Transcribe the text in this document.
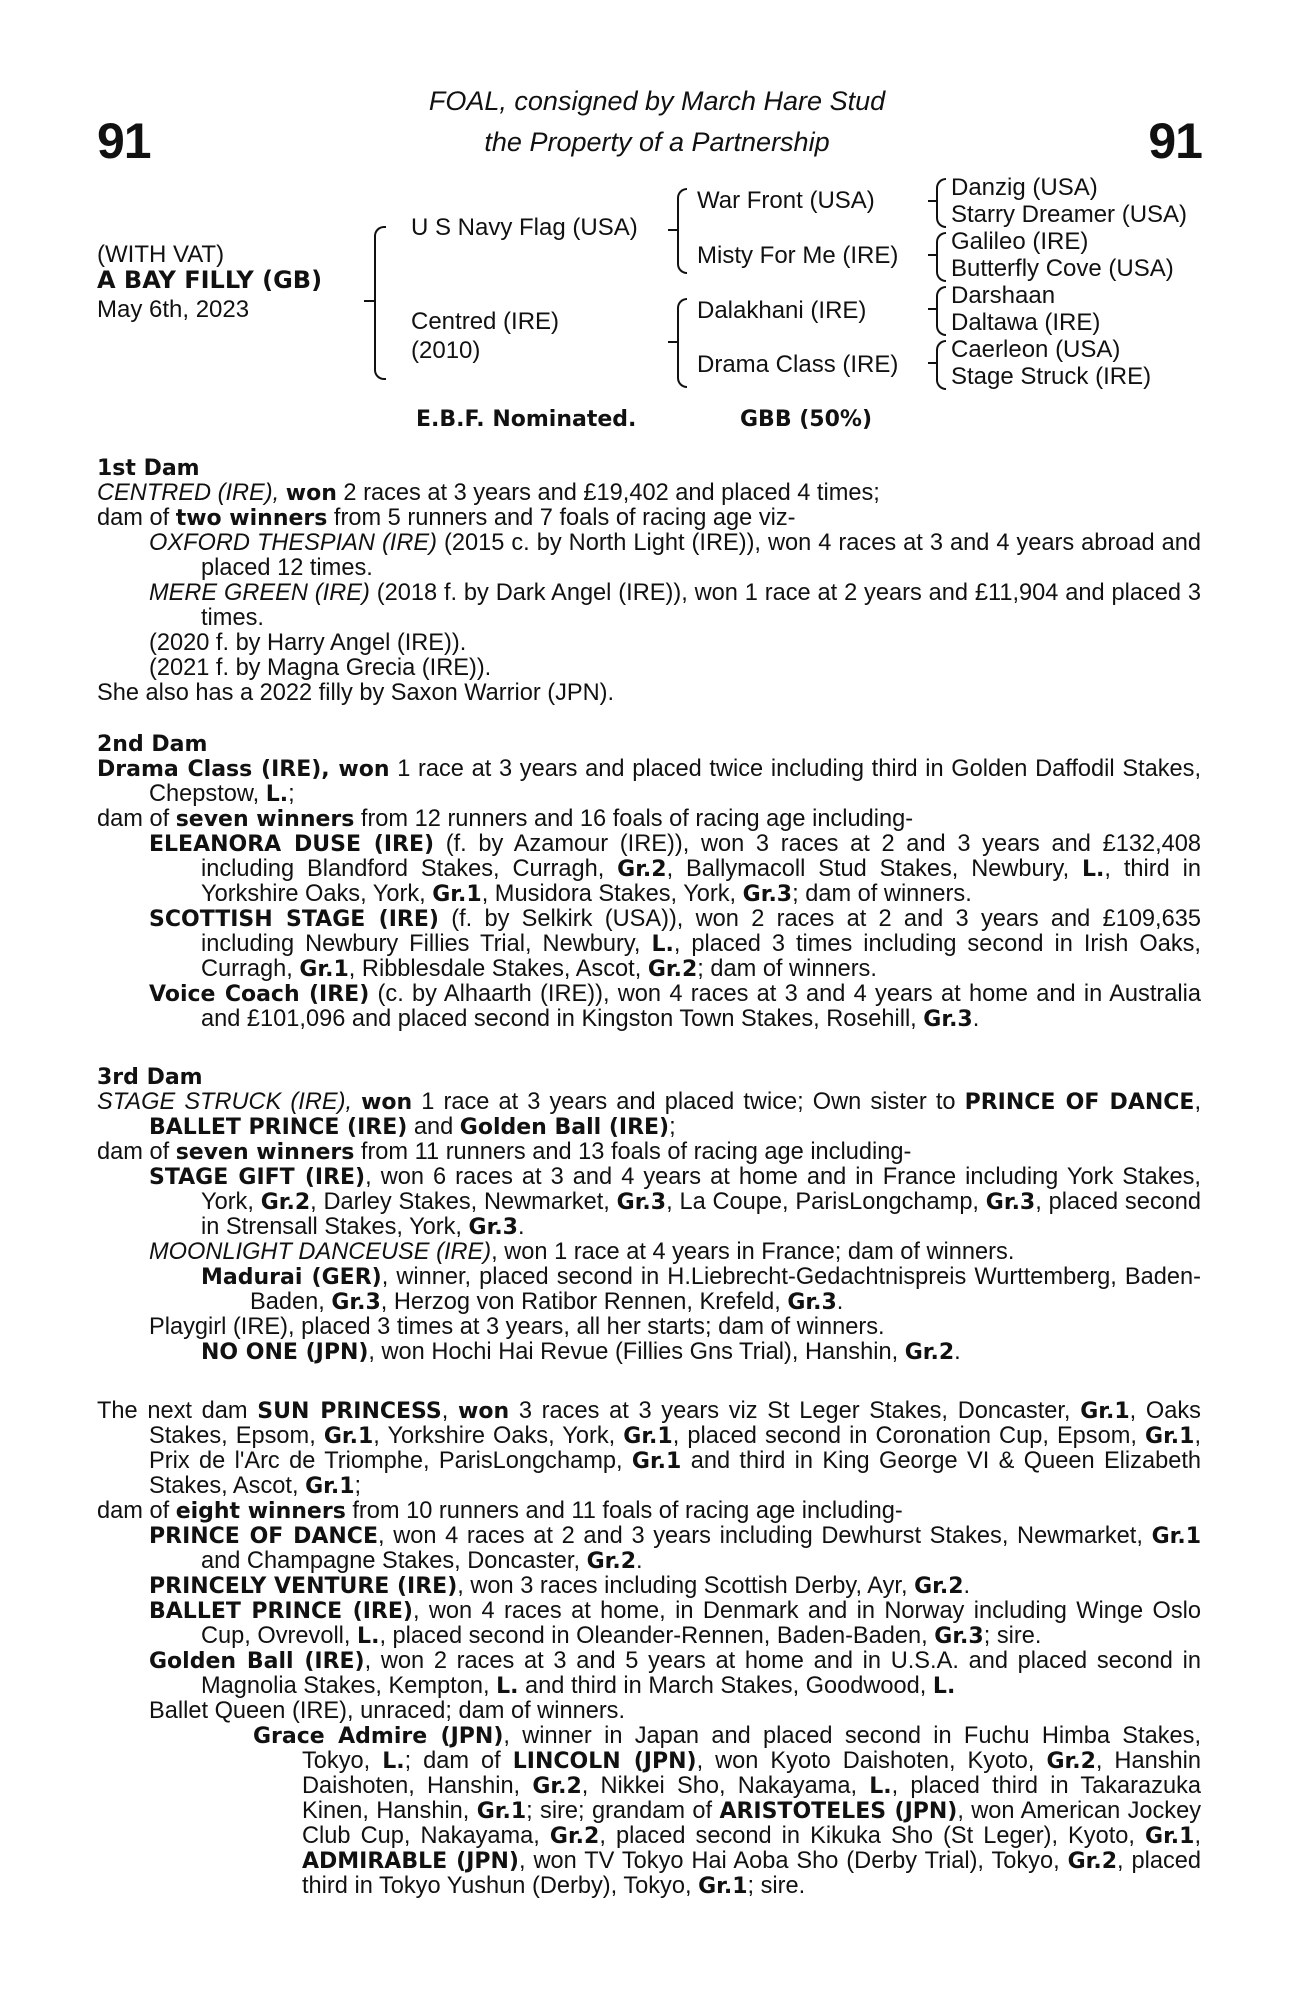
91	91
FOAL, consigned by March Hare Stud
the Property of a Partnership
(WITH VAT)
A BAY FILLY (GB)
May 6th, 2023
U S Navy Flag (USA)
Centred (IRE)
(2010)
War Front (USA)
Misty For Me (IRE)
Dalakhani (IRE)
Drama Class (IRE)
Danzig (USA)
Starry Dreamer (USA)
Galileo (IRE)
Butterfly Cove (USA)
Darshaan
Daltawa (IRE)
Caerleon (USA)
Stage Struck (IRE)
E.B.F. Nominated.	GBB (50%)

1st Dam

CENTRED (IRE), won 2 races at 3 years and £19,402 and placed 4 times;

dam of two winners from 5 runners and 7 foals of racing age viz-

OXFORD THESPIAN (IRE) (2015 c. by North Light (IRE)), won 4 races at 3 and 4 years abroad and placed 12 times.

MERE GREEN (IRE) (2018 f. by Dark Angel (IRE)), won 1 race at 2 years and £11,904 and placed 3 times.

(2020 f. by Harry Angel (IRE)).

(2021 f. by Magna Grecia (IRE)).

She also has a 2022 filly by Saxon Warrior (JPN).

2nd Dam

Drama Class (IRE), won 1 race at 3 years and placed twice including third in Golden Daffodil Stakes, Chepstow, L.;

dam of seven winners from 12 runners and 16 foals of racing age including-

ELEANORA DUSE (IRE) (f. by Azamour (IRE)), won 3 races at 2 and 3 years and £132,408 including Blandford Stakes, Curragh, Gr.2, Ballymacoll Stud Stakes, Newbury, L., third in Yorkshire Oaks, York, Gr.1, Musidora Stakes, York, Gr.3; dam of winners.

SCOTTISH STAGE (IRE) (f. by Selkirk (USA)), won 2 races at 2 and 3 years and £109,635 including Newbury Fillies Trial, Newbury, L., placed 3 times including second in Irish Oaks, Curragh, Gr.1, Ribblesdale Stakes, Ascot, Gr.2; dam of winners.

Voice Coach (IRE) (c. by Alhaarth (IRE)), won 4 races at 3 and 4 years at home and in Australia and £101,096 and placed second in Kingston Town Stakes, Rosehill, Gr.3.

3rd Dam

STAGE STRUCK (IRE), won 1 race at 3 years and placed twice; Own sister to PRINCE OF DANCE, BALLET PRINCE (IRE) and Golden Ball (IRE);

dam of seven winners from 11 runners and 13 foals of racing age including-

STAGE GIFT (IRE), won 6 races at 3 and 4 years at home and in France including York Stakes, York, Gr.2, Darley Stakes, Newmarket, Gr.3, La Coupe, ParisLongchamp, Gr.3, placed second in Strensall Stakes, York, Gr.3.

MOONLIGHT DANCEUSE (IRE), won 1 race at 4 years in France; dam of winners.

Madurai (GER), winner, placed second in H.Liebrecht-Gedachtnispreis Wurttemberg, Baden-Baden, Gr.3, Herzog von Ratibor Rennen, Krefeld, Gr.3.

Playgirl (IRE), placed 3 times at 3 years, all her starts; dam of winners.

NO ONE (JPN), won Hochi Hai Revue (Fillies Gns Trial), Hanshin, Gr.2.

The next dam SUN PRINCESS, won 3 races at 3 years viz St Leger Stakes, Doncaster, Gr.1, Oaks Stakes, Epsom, Gr.1, Yorkshire Oaks, York, Gr.1, placed second in Coronation Cup, Epsom, Gr.1, Prix de l'Arc de Triomphe, ParisLongchamp, Gr.1 and third in King George VI & Queen Elizabeth Stakes, Ascot, Gr.1;

dam of eight winners from 10 runners and 11 foals of racing age including-

PRINCE OF DANCE, won 4 races at 2 and 3 years including Dewhurst Stakes, Newmarket, Gr.1 and Champagne Stakes, Doncaster, Gr.2.

PRINCELY VENTURE (IRE), won 3 races including Scottish Derby, Ayr, Gr.2.

BALLET PRINCE (IRE), won 4 races at home, in Denmark and in Norway including Winge Oslo Cup, Ovrevoll, L., placed second in Oleander-Rennen, Baden-Baden, Gr.3; sire.

Golden Ball (IRE), won 2 races at 3 and 5 years at home and in U.S.A. and placed second in Magnolia Stakes, Kempton, L. and third in March Stakes, Goodwood, L.

Ballet Queen (IRE), unraced; dam of winners.

Grace Admire (JPN), winner in Japan and placed second in Fuchu Himba Stakes, Tokyo, L.; dam of LINCOLN (JPN), won Kyoto Daishoten, Kyoto, Gr.2, Hanshin Daishoten, Hanshin, Gr.2, Nikkei Sho, Nakayama, L., placed third in Takarazuka Kinen, Hanshin, Gr.1; sire; grandam of ARISTOTELES (JPN), won American Jockey Club Cup, Nakayama, Gr.2, placed second in Kikuka Sho (St Leger), Kyoto, Gr.1, ADMIRABLE (JPN), won TV Tokyo Hai Aoba Sho (Derby Trial), Tokyo, Gr.2, placed third in Tokyo Yushun (Derby), Tokyo, Gr.1; sire.
